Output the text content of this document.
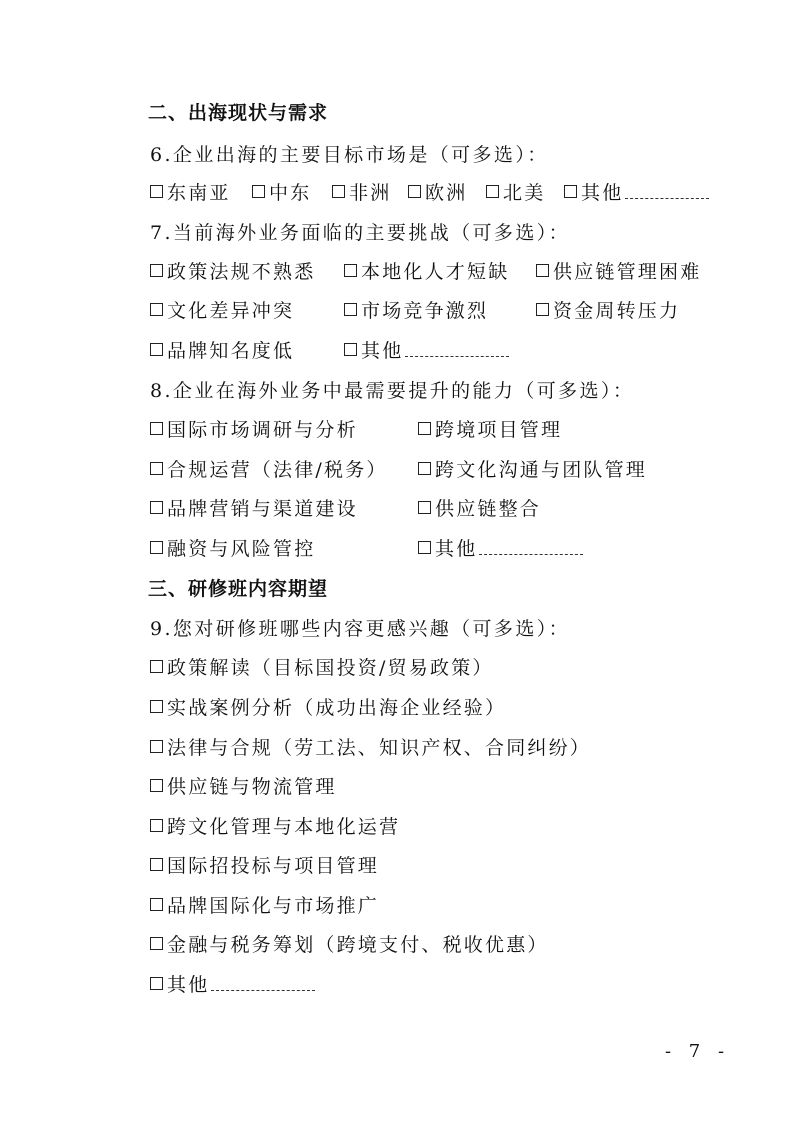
二、出海现状与需求
6.企业出海的主要目标市场是（可多选）：
东南亚 中东 非洲 欧洲 北美 其他
7.当前海外业务面临的主要挑战（可多选）：
政策法规不熟悉 本地化人才短缺 供应链管理困难
文化差异冲突	市场竞争激烈	资金周转压力
品牌知名度低	其他
8.企业在海外业务中最需要提升的能力（可多选）：
国际市场调研与分析	跨境项目管理
合规运营（法律/税务） 跨文化沟通与团队管理
品牌营销与渠道建设	供应链整合
融资与风险管控	其他
三、研修班内容期望
9.您对研修班哪些内容更感兴趣（可多选）：
政策解读（目标国投资/贸易政策）
实战案例分析（成功出海企业经验）
法律与合规（劳工法、知识产权、合同纠纷）
供应链与物流管理
跨文化管理与本地化运营
国际招投标与项目管理
品牌国际化与市场推广
金融与税务筹划（跨境支付、税收优惠）
其他
- 7 -
